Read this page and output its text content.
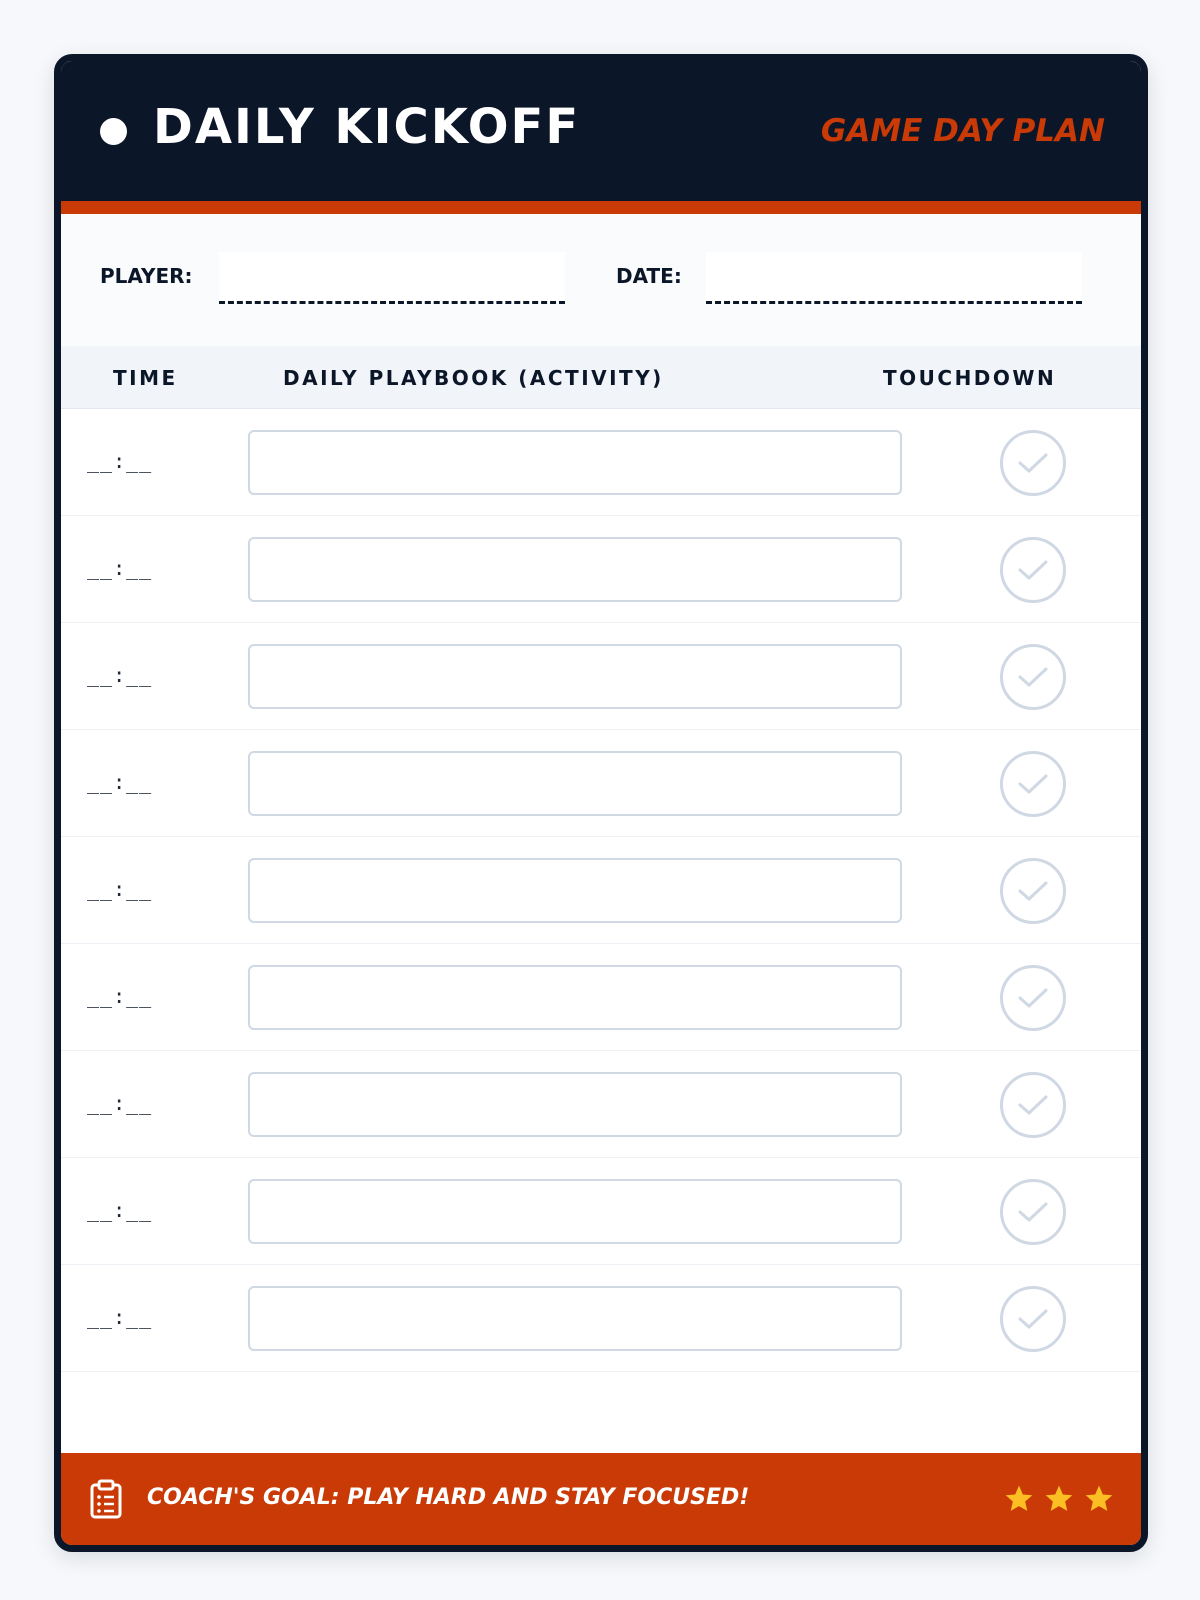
DAILY KICKOFF	GAME DAY PLAN
PLAYER:	DATE:
TIME	DAILY PLAYBOOK (ACTIVITY)	TOUCHDOWN
__:__
__:__
__:__
__:__
__:__
__:__
__:__
__:__
__:__
COACH'S GOAL: PLAY HARD AND STAY FOCUSED!
